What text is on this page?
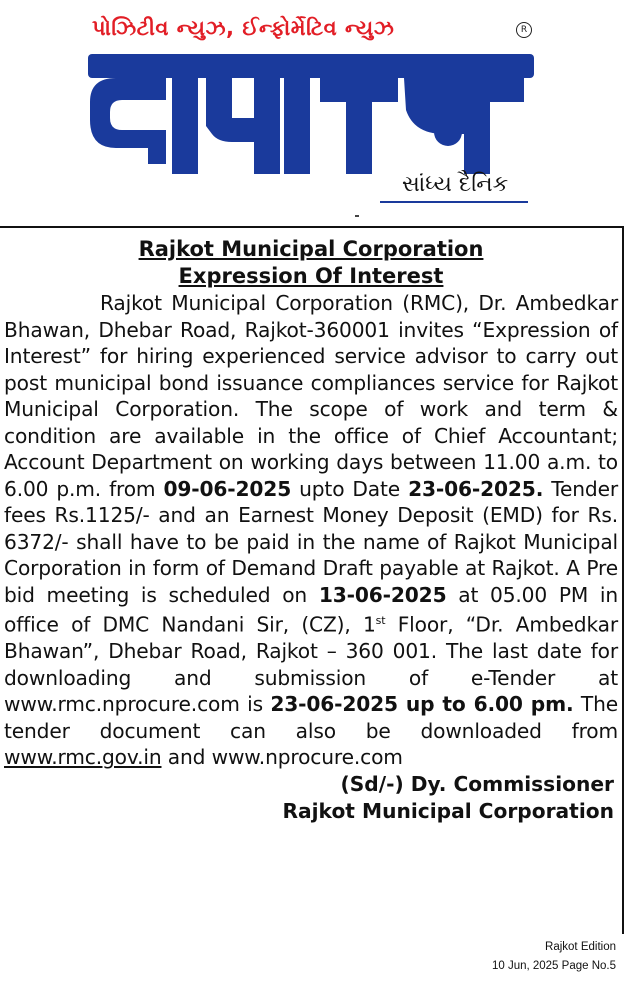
પોઝિટીવ ન્યુઝ, ઈન્ફોર્મેટિવ ન્યુઝ	R
સાંધ્ય દૈનિક

Rajkot Municipal Corporation

Expression Of Interest

Rajkot Municipal Corporation (RMC), Dr. Ambedkar Bhawan, Dhebar Road, Rajkot-360001 invites “Expression of Interest” for hiring experienced service advisor to carry out post municipal bond issuance compliances service for Rajkot Municipal Corporation. The scope of work and term & condition are available in the office of Chief Accountant; Account Department on working days between 11.00 a.m. to 6.00 p.m. from 09-06-2025 upto Date 23-06-2025. Tender fees Rs.1125/- and an Earnest Money Deposit (EMD) for Rs. 6372/- shall have to be paid in the name of Rajkot Municipal Corporation in form of Demand Draft payable at Rajkot. A Pre bid meeting is scheduled on 13-06-2025 at 05.00 PM in office of DMC Nandani Sir, (CZ), 1st Floor, “Dr. Ambedkar Bhawan”, Dhebar Road, Rajkot – 360 001. The last date for downloading and submission of e-Tender at www.rmc.nprocure.com is 23-06-2025 up to 6.00 pm. The tender document can also be downloaded from www.rmc.gov.in and www.nprocure.com

(Sd/-) Dy. Commissioner

Rajkot Municipal Corporation

Rajkot Edition
10 Jun, 2025 Page No.5
